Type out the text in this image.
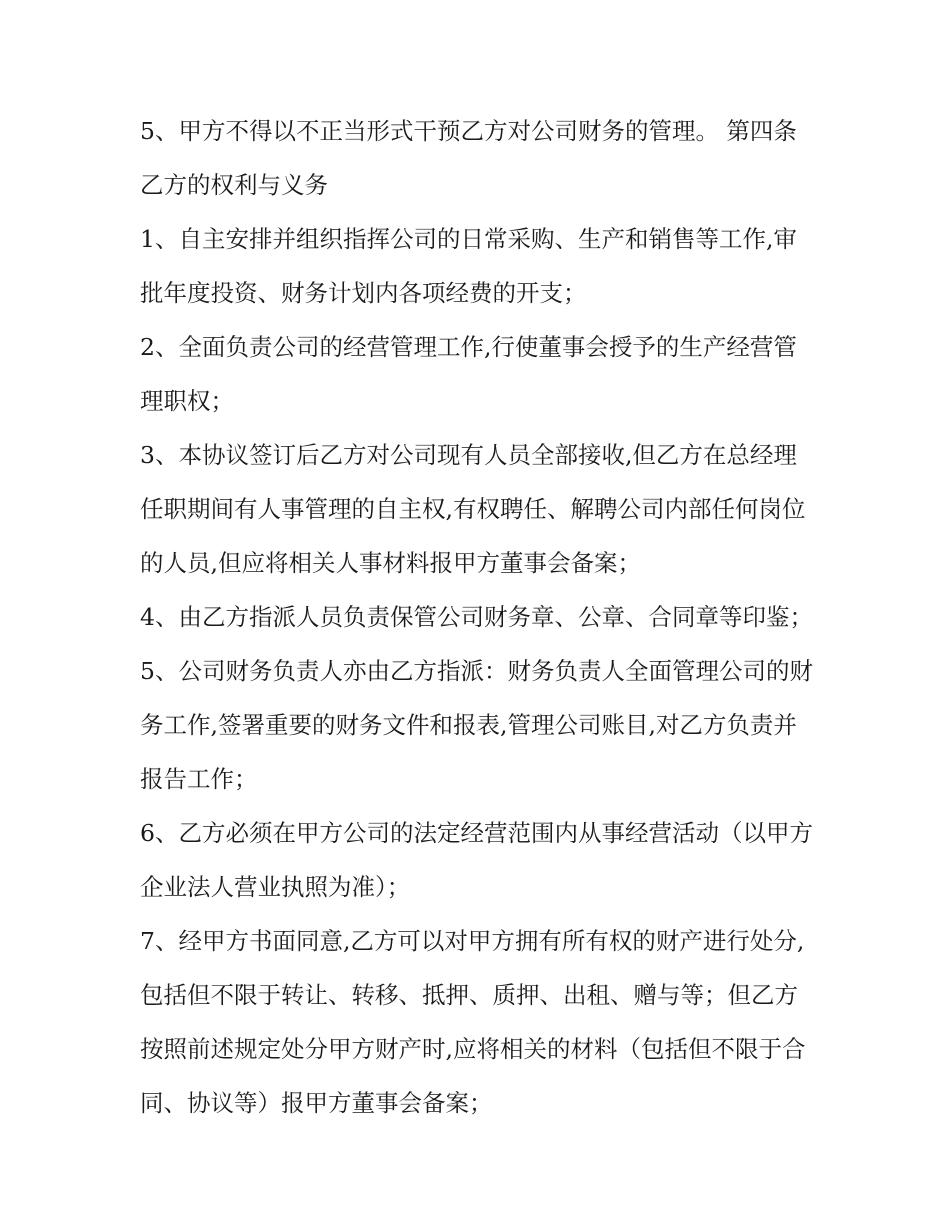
5、甲方不得以不正当形式干预乙方对公司财务的管理。 第四条乙方的权利与义务

1、自主安排并组织指挥公司的日常采购、生产和销售等工作,审批年度投资、财务计划内各项经费的开支；

2、全面负责公司的经营管理工作,行使董事会授予的生产经营管理职权；

3、本协议签订后乙方对公司现有人员全部接收,但乙方在总经理任职期间有人事管理的自主权,有权聘任、解聘公司内部任何岗位的人员,但应将相关人事材料报甲方董事会备案；

4、由乙方指派人员负责保管公司财务章、公章、合同章等印鉴；

5、公司财务负责人亦由乙方指派：财务负责人全面管理公司的财务工作,签署重要的财务文件和报表,管理公司账目,对乙方负责并报告工作；

6、乙方必须在甲方公司的法定经营范围内从事经营活动（以甲方企业法人营业执照为准）；

7、经甲方书面同意,乙方可以对甲方拥有所有权的财产进行处分,包括但不限于转让、转移、抵押、质押、出租、赠与等；但乙方按照前述规定处分甲方财产时,应将相关的材料（包括但不限于合同、协议等）报甲方董事会备案；
